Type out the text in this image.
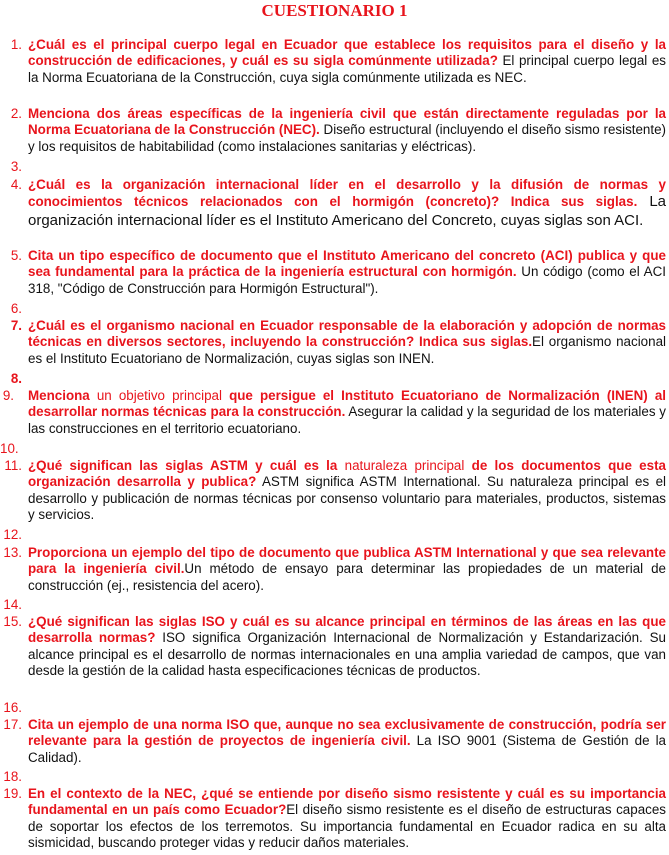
CUESTIONARIO 1
1. ¿Cuál es el principal cuerpo legal en Ecuador que establece los requisitos para el diseño y la construcción de edificaciones, y cuál es su sigla comúnmente utilizada? El principal cuerpo legal es la Norma Ecuatoriana de la Construcción, cuya sigla comúnmente utilizada es NEC.
2. Menciona dos áreas específicas de la ingeniería civil que están directamente reguladas por la Norma Ecuatoriana de la Construcción (NEC). Diseño estructural (incluyendo el diseño sismo resistente) y los requisitos de habitabilidad (como instalaciones sanitarias y eléctricas).
3.
4. ¿Cuál es la organización internacional líder en el desarrollo y la difusión de normas y conocimientos técnicos relacionados con el hormigón (concreto)? Indica sus siglas. La organización internacional líder es el Instituto Americano del Concreto, cuyas siglas son ACI.
5. Cita un tipo específico de documento que el Instituto Americano del concreto (ACI) publica y que sea fundamental para la práctica de la ingeniería estructural con hormigón. Un código (como el ACI 318, "Código de Construcción para Hormigón Estructural").
6.
7. ¿Cuál es el organismo nacional en Ecuador responsable de la elaboración y adopción de normas técnicas en diversos sectores, incluyendo la construcción? Indica sus siglas.El organismo nacional es el Instituto Ecuatoriano de Normalización, cuyas siglas son INEN.
8.
9. Menciona un objetivo principal que persigue el Instituto Ecuatoriano de Normalización (INEN) al desarrollar normas técnicas para la construcción. Asegurar la calidad y la seguridad de los materiales y las construcciones en el territorio ecuatoriano.
10.
11. ¿Qué significan las siglas ASTM y cuál es la naturaleza principal de los documentos que esta organización desarrolla y publica? ASTM significa ASTM International. Su naturaleza principal es el desarrollo y publicación de normas técnicas por consenso voluntario para materiales, productos, sistemas y servicios.
12.
13. Proporciona un ejemplo del tipo de documento que publica ASTM International y que sea relevante para la ingeniería civil.Un método de ensayo para determinar las propiedades de un material de construcción (ej., resistencia del acero).
14.
15. ¿Qué significan las siglas ISO y cuál es su alcance principal en términos de las áreas en las que desarrolla normas? ISO significa Organización Internacional de Normalización y Estandarización. Su alcance principal es el desarrollo de normas internacionales en una amplia variedad de campos, que van desde la gestión de la calidad hasta especificaciones técnicas de productos.
16.
17. Cita un ejemplo de una norma ISO que, aunque no sea exclusivamente de construcción, podría ser relevante para la gestión de proyectos de ingeniería civil. La ISO 9001 (Sistema de Gestión de la Calidad).
18.
19. En el contexto de la NEC, ¿qué se entiende por diseño sismo resistente y cuál es su importancia fundamental en un país como Ecuador?El diseño sismo resistente es el diseño de estructuras capaces de soportar los efectos de los terremotos. Su importancia fundamental en Ecuador radica en su alta sismicidad, buscando proteger vidas y reducir daños materiales.
